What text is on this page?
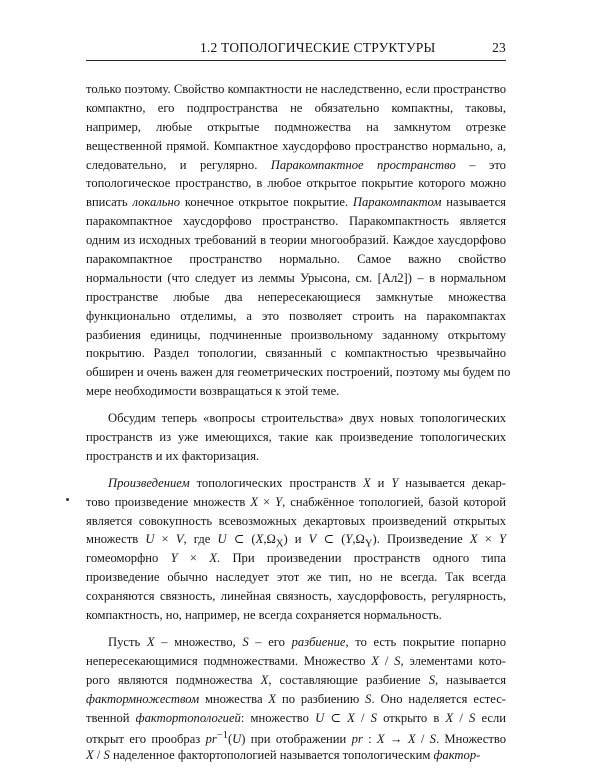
1.2 ТОПОЛОГИЧЕСКИЕ СТРУКТУРЫ	23
только поэтому. Свойство компактности не наследственно, если пространство
компактно, его подпространства не обязательно компактны, таковы,
например, любые открытые подмножества на замкнутом отрезке
вещественной прямой. Компактное хаусдорфово пространство нормально, а,
следовательно, и регулярно. Паракомпактное пространство – это
топологическое пространство, в любое открытое покрытие которого можно
вписать локально конечное открытое покрытие. Паракомпактом называется
паракомпактное хаусдорфово пространство. Паракомпактность является
одним из исходных требований в теории многообразий. Каждое хаусдорфово
паракомпактное пространство нормально. Самое важно свойство
нормальности (что следует из леммы Урысона, см. [Ал2]) – в нормальном
пространстве любые два непересекающиеся замкнутые множества
функционально отделимы, а это позволяет строить на паракомпактах
разбиения единицы, подчиненные произвольному заданному открытому
покрытию. Раздел топологии, связанный с компактностью чрезвычайно
обширен и очень важен для геометрических построений, поэтому мы будем по
мере необходимости возвращаться к этой теме.
Обсудим теперь «вопросы строительства» двух новых топологических
пространств из уже имеющихся, такие как произведение топологических
пространств и их факторизация.
Произведением топологических пространств X и Y называется декар-
тово произведение множеств X × Y, снабжённое топологией, базой которой
является совокупность всевозможных декартовых произведений открытых
множеств U × V, где U ⊂ $(X,\Omega_X)$ и V ⊂ $(Y,\Omega_Y)$. Произведение X × Y
гомеоморфно Y × X. При произведении пространств одного типа
произведение обычно наследует этот же тип, но не всегда. Так всегда
сохраняются связность, линейная связность, хаусдорфовость, регулярность,
компактность, но, например, не всегда сохраняется нормальность.
Пусть X – множество, S – его разбиение, то есть покрытие попарно
непересекающимися подмножествами. Множество X / S, элементами кото-
рого являются подмножества X, составляющие разбиение S, называется
фактормножеством множества X по разбиению S. Оно наделяется естес-
твенной фактортопологией: множество U ⊂ X / S открыто в X / S если
открыт его прообраз $pr^{-1}(U)$ при отображении pr : X → X / S. Множество
X / S наделенное фактортопологией называется топологическим фактор-
